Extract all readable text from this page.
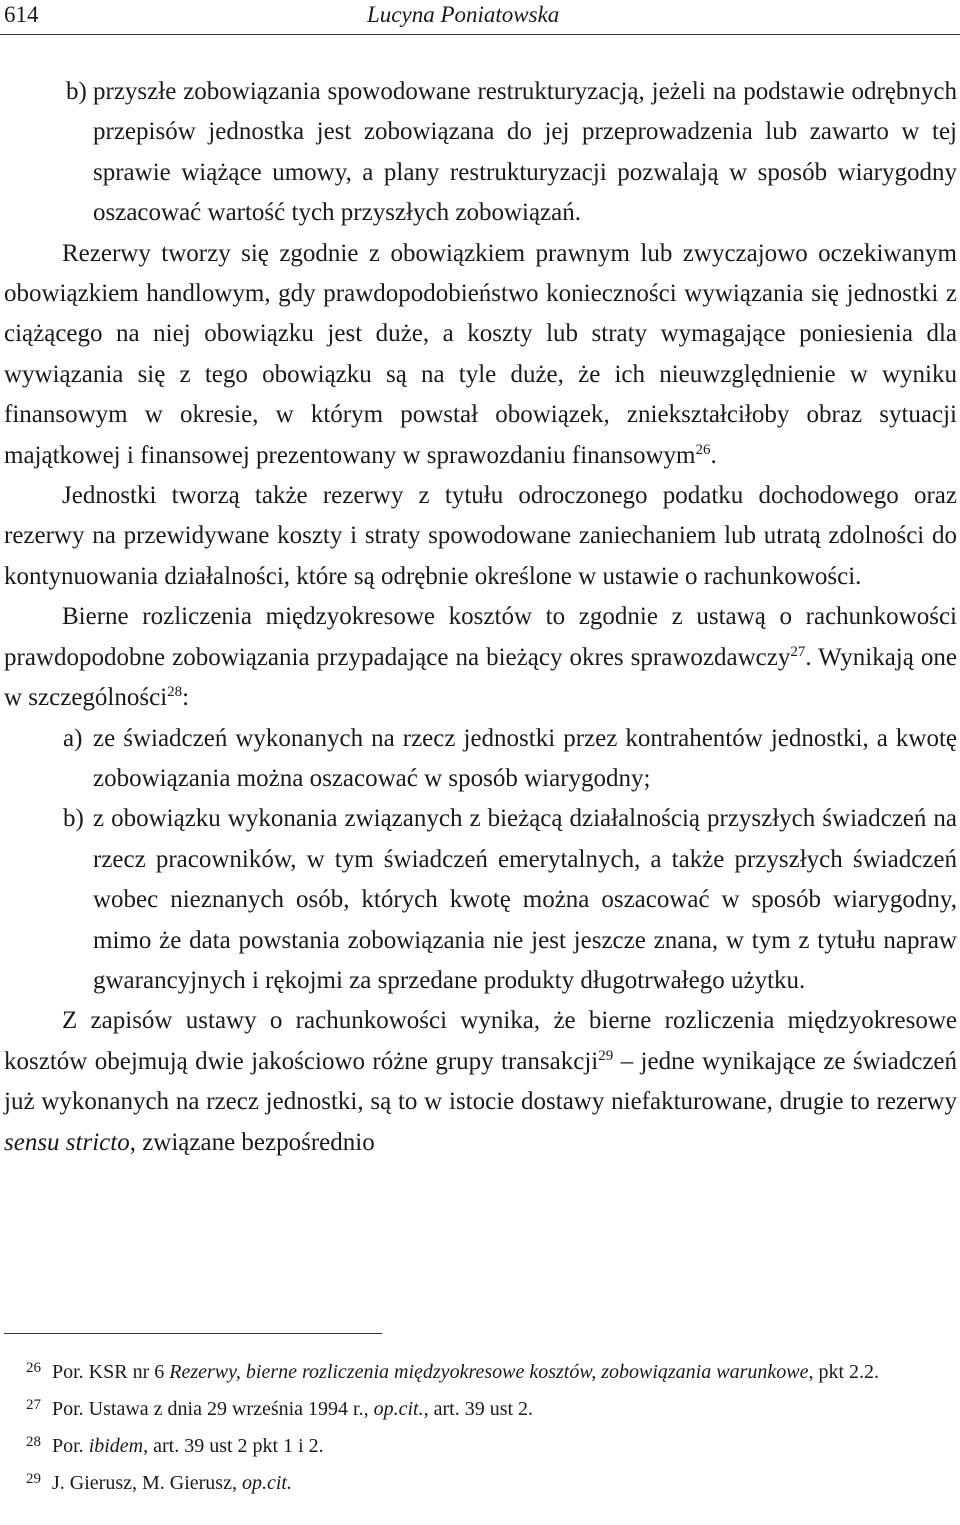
614	Lucyna Poniatowska

b) przyszłe zobowiązania spowodowane restrukturyzacją, jeżeli na podstawie odrębnych przepisów jednostka jest zobowiązana do jej przeprowadzenia lub zawarto w tej sprawie wiążące umowy, a plany restrukturyzacji pozwalają w sposób wiarygodny oszacować wartość tych przyszłych zobowiązań.

Rezerwy tworzy się zgodnie z obowiązkiem prawnym lub zwyczajowo oczekiwanym obowiązkiem handlowym, gdy prawdopodobieństwo konieczności wywiązania się jednostki z ciążącego na niej obowiązku jest duże, a koszty lub straty wymagające poniesienia dla wywiązania się z tego obowiązku są na tyle duże, że ich nieuwzględnienie w wyniku finansowym w okresie, w którym powstał obowiązek, zniekształciłoby obraz sytuacji majątkowej i finansowej prezentowany w sprawozdaniu finansowym$^{26}$.

Jednostki tworzą także rezerwy z tytułu odroczonego podatku dochodowego oraz rezerwy na przewidywane koszty i straty spowodowane zaniechaniem lub utratą zdolności do kontynuowania działalności, które są odrębnie określone w ustawie o rachunkowości.

Bierne rozliczenia międzyokresowe kosztów to zgodnie z ustawą o rachunkowości prawdopodobne zobowiązania przypadające na bieżący okres sprawozdawczy$^{27}$. Wynikają one w szczególności$^{28}$:

a) ze świadczeń wykonanych na rzecz jednostki przez kontrahentów jednostki, a kwotę zobowiązania można oszacować w sposób wiarygodny;

b) z obowiązku wykonania związanych z bieżącą działalnością przyszłych świadczeń na rzecz pracowników, w tym świadczeń emerytalnych, a także przyszłych świadczeń wobec nieznanych osób, których kwotę można oszacować w sposób wiarygodny, mimo że data powstania zobowiązania nie jest jeszcze znana, w tym z tytułu napraw gwarancyjnych i rękojmi za sprzedane produkty długotrwałego użytku.

Z zapisów ustawy o rachunkowości wynika, że bierne rozliczenia międzyokresowe kosztów obejmują dwie jakościowo różne grupy transakcji$^{29}$ – jedne wynikające ze świadczeń już wykonanych na rzecz jednostki, są to w istocie dostawy niefakturowane, drugie to rezerwy sensu stricto, związane bezpośrednio

26 Por. KSR nr 6 Rezerwy, bierne rozliczenia międzyokresowe kosztów, zobowiązania warunkowe, pkt 2.2.

27 Por. Ustawa z dnia 29 września 1994 r., op.cit., art. 39 ust 2.

28 Por. ibidem, art. 39 ust 2 pkt 1 i 2.

29 J. Gierusz, M. Gierusz, op.cit.
